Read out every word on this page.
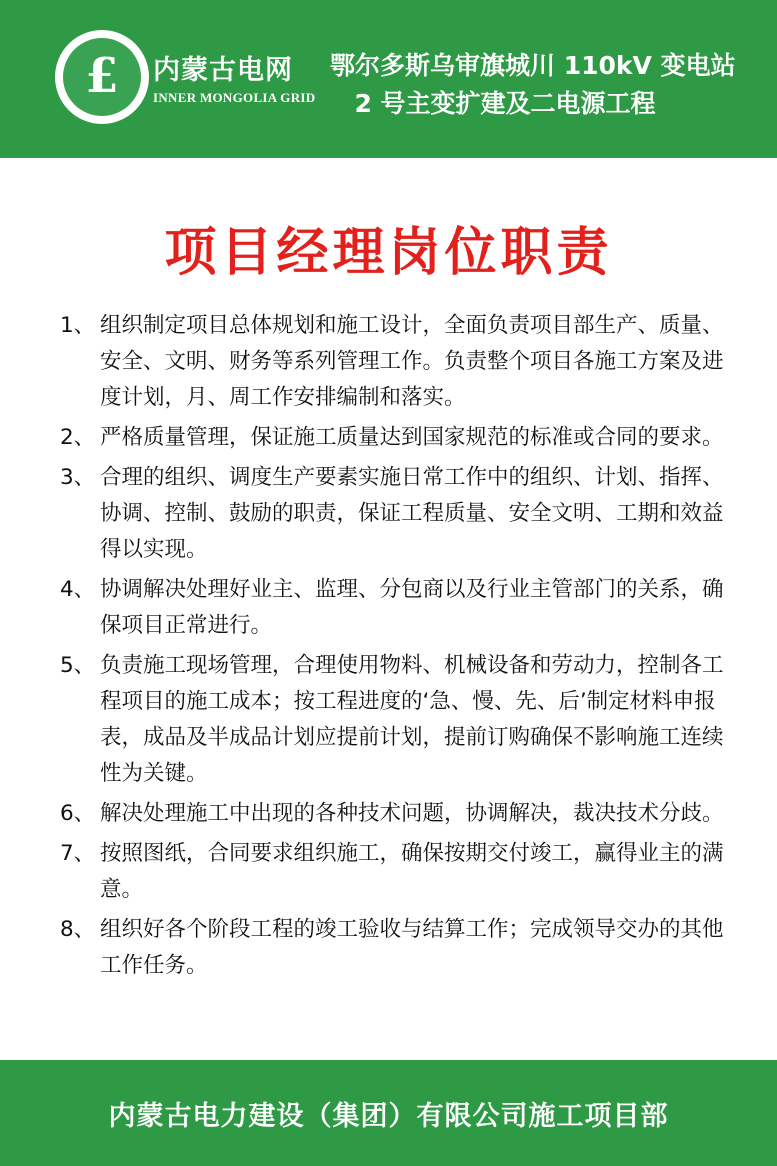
£	内蒙古电网
INNER MONGOLIA GRID
鄂尔多斯乌审旗城川 110kV 变电站
2 号主变扩建及二电源工程
项目经理岗位职责
1、 组织制定项目总体规划和施工设计，全面负责项目部生产、质量、安全、文明、财务等系列管理工作。负责整个项目各施工方案及进度计划，月、周工作安排编制和落实。
2、 严格质量管理，保证施工质量达到国家规范的标准或合同的要求。
3、 合理的组织、调度生产要素实施日常工作中的组织、计划、指挥、协调、控制、鼓励的职责，保证工程质量、安全文明、工期和效益得以实现。
4、 协调解决处理好业主、监理、分包商以及行业主管部门的关系，确保项目正常进行。
5、 负责施工现场管理，合理使用物料、机械设备和劳动力，控制各工程项目的施工成本；按工程进度的‘急、慢、先、后’制定材料申报表，成品及半成品计划应提前计划，提前订购确保不影响施工连续性为关键。
6、 解决处理施工中出现的各种技术问题，协调解决，裁决技术分歧。
7、 按照图纸，合同要求组织施工，确保按期交付竣工，赢得业主的满意。
8、 组织好各个阶段工程的竣工验收与结算工作；完成领导交办的其他工作任务。
内蒙古电力建设（集团）有限公司施工项目部
